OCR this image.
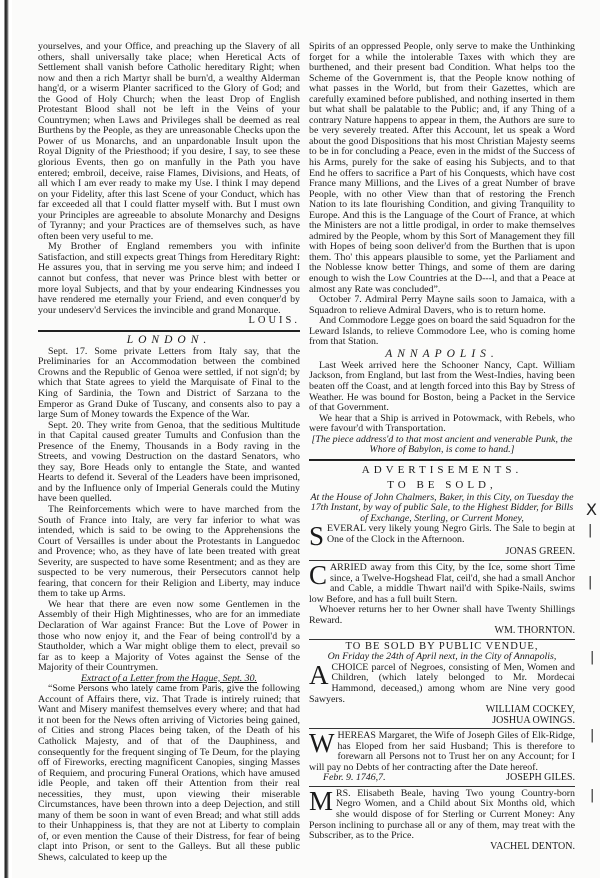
yourselves, and your Office, and preaching up the Slavery of all others, shall universally take place; when Heretical Acts of Settlement shall vanish before Catholic hereditary Right; when now and then a rich Martyr shall be burn'd, a wealthy Alderman hang'd, or a wiserm Planter sacrificed to the Glory of God; and the Good of Holy Church; when the least Drop of English Protestant Blood shall not be left in the Veins of your Countrymen; when Laws and Privileges shall be deemed as real Burthens by the People, as they are unreasonable Checks upon the Power of us Monarchs, and an unpardonable Insult upon the Royal Dignity of the Priesthood; if you desire, I say, to see these glorious Events, then go on manfully in the Path you have entered; embroil, deceive, raise Flames, Divisions, and Heats, of all which I am ever ready to make my Use. I think I may depend on your Fidelity, after this last Scene of your Conduct, which has far exceeded all that I could flatter myself with. But I must own your Principles are agreeable to absolute Monarchy and Designs of Tyranny; and your Practices are of themselves such, as have often been very useful to me.

My Brother of England remembers you with infinite Satisfaction, and still expects great Things from Hereditary Right: He assures you, that in serving me you serve him; and indeed I cannot but confess, that never was Prince blest with better or more loyal Subjects, and that by your endearing Kindnesses you have rendered me eternally your Friend, and even conquer'd by your undeserv'd Services the invincible and grand Monarque.

LOUIS.
LONDON.

Sept. 17. Some private Letters from Italy say, that the Preliminaries for an Accommodation between the combined Crowns and the Republic of Genoa were settled, if not sign'd; by which that State agrees to yield the Marquisate of Final to the King of Sardinia, the Town and District of Sarzana to the Emperor as Grand Duke of Tuscany, and consents also to pay a large Sum of Money towards the Expence of the War.

Sept. 20. They write from Genoa, that the seditious Multitude in that Capital caused greater Tumults and Confusion than the Presence of the Enemy, Thousands in a Body raving in the Streets, and vowing Destruction on the dastard Senators, who they say, Bore Heads only to entangle the State, and wanted Hearts to defend it. Several of the Leaders have been imprisoned, and by the Influence only of Imperial Generals could the Mutiny have been quelled.

The Reinforcements which were to have marched from the South of France into Italy, are very far inferior to what was intended, which is said to be owing to the Apprehensions the Court of Versailles is under about the Protestants in Languedoc and Provence; who, as they have of late been treated with great Severity, are suspected to have some Resentment; and as they are suspected to be very numerous, their Persecutors cannot help fearing, that concern for their Religion and Liberty, may induce them to take up Arms.

We hear that there are even now some Gentlemen in the Assembly of their High Mightinesses, who are for an immediate Declaration of War against France: But the Love of Power in those who now enjoy it, and the Fear of being controll'd by a Stautholder, which a War might oblige them to elect, prevail so far as to keep a Majority of Votes against the Sense of the Majority of their Countrymen.

Extract of a Letter from the Hague, Sept. 30.

“Some Persons who lately came from Paris, give the following Account of Affairs there, viz. That Trade is intirely ruined; that Want and Misery manifest themselves every where; and that had it not been for the News often arriving of Victories being gained, of Cities and strong Places being taken, of the Death of his Catholick Majesty, and of that of the Dauphiness, and consequently for the frequent singing of Te Deum, for the playing off of Fireworks, erecting magnificent Canopies, singing Masses of Requiem, and procuring Funeral Orations, which have amused idle People, and taken off their Attention from their real necessities, they must, upon viewing their miserable Circumstances, have been thrown into a deep Dejection, and still many of them be soon in want of even Bread; and what still adds to their Unhappiness is, that they are not at Liberty to complain of, or even mention the Cause of their Distress, for fear of being clapt into Prison, or sent to the Galleys. But all these public Shews, calculated to keep up the

Spirits of an oppressed People, only serve to make the Unthinking forget for a while the intolerable Taxes with which they are burthened, and their present bad Condition. What helps too the Scheme of the Government is, that the People know nothing of what passes in the World, but from their Gazettes, which are carefully examined before published, and nothing inserted in them but what shall be palatable to the Public; and, if any Thing of a contrary Nature happens to appear in them, the Authors are sure to be very severely treated. After this Account, let us speak a Word about the good Dispositions that his most Christian Majesty seems to be in for concluding a Peace, even in the midst of the Success of his Arms, purely for the sake of easing his Subjects, and to that End he offers to sacrifice a Part of his Conquests, which have cost France many Millions, and the Lives of a great Number of brave People, with no other View than that of restoring the French Nation to its late flourishing Condition, and giving Tranquility to Europe. And this is the Language of the Court of France, at which the Ministers are not a little prodigal, in order to make themselves admired by the People, whom by this Sort of Management they fill with Hopes of being soon deliver'd from the Burthen that is upon them. Tho' this appears plausible to some, yet the Parliament and the Noblesse know better Things, and some of them are daring enough to wish the Low Countries at the D---l, and that a Peace at almost any Rate was concluded”.

October 7. Admiral Perry Mayne sails soon to Jamaica, with a Squadron to relieve Admiral Davers, who is to return home.

And Commodore Legge goes on board the said Squadron for the Leward Islands, to relieve Commodore Lee, who is coming home from that Station.

ANNAPOLIS.

Last Week arrived here the Schooner Nancy, Capt. William Jackson, from England, but last from the West-Indies, having been beaten off the Coast, and at length forced into this Bay by Stress of Weather. He was bound for Boston, being a Packet in the Service of that Government.

We hear that a Ship is arrived in Potowmack, with Rebels, who were favour'd with Transportation.

[The piece address'd to that most ancient and venerable Punk, the Whore of Babylon, is come to hand.]

ADVERTISEMENTS.
TO BE SOLD,

At the House of John Chalmers, Baker, in this City, on Tuesday the 17th Instant, by way of public Sale, to the Highest Bidder, for Bills of Exchange, Sterling, or Current Money,

SEVERAL very likely young Negro Girls. The Sale to begin at One of the Clock in the Afternoon.

JONAS GREEN.

CARRIED away from this City, by the Ice, some short Time since, a Twelve-Hogshead Flat, ceil'd, she had a small Anchor and Cable, a middle Thwart nail'd with Spike-Nails, swims low Before, and has a full built Stern.

Whoever returns her to her Owner shall have Twenty Shillings Reward.

WM. THORNTON.
TO BE SOLD BY PUBLIC VENDUE,

On Friday the 24th of April next, in the City of Annapolis,

ACHOICE parcel of Negroes, consisting of Men, Women and Children, (which lately belonged to Mr. Mordecai Hammond, deceased,) among whom are Nine very good Sawyers.

WILLIAM COCKEY,
JOSHUA OWINGS.

WHEREAS Margaret, the Wife of Joseph Giles of Elk-Ridge, has Eloped from her said Husband; This is therefore to forewarn all Persons not to Trust her on any Account; for I will pay no Debts of her contracting after the Date hereof.

Febr. 9. 1746,7.	JOSEPH GILES.

MRS. Elisabeth Beale, having Two young Country-born Negro Women, and a Child about Six Months old, which she would dispose of for Sterling or Current Money: Any Person inclining to purchase all or any of them, may treat with the Subscriber, as to the Price.

VACHEL DENTON.
X
|
|
|
|
|
